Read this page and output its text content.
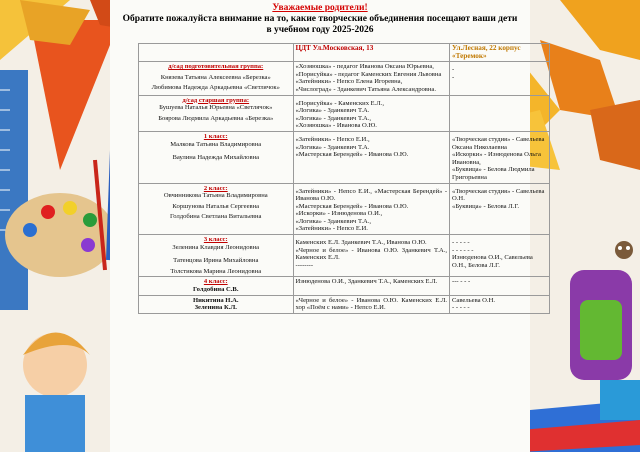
Уважаемые родители!
Обратите пожалуйста внимание на то, какие творческие объединения посещают ваши дети
в учебном году 2025-2026
	ЦДТ Ул.Московская, 13	Ул.Лесная, 22 корпус «Теремок»

д/сад подготовительная группа:
Князева Татьяна Алексеевна «Березка»
Любимова Надежда Аркадьевна «Светлячок»	«Хозяюшка» - педагог Иванова Оксана Юрьевна,
«Порисуйка» - педагог Каменских Евгения Львовна
«Затейники» - Непсо Елена Игоревна,
«Числоград» - Зданкевич Татьяна Александровна.	-
-

д/сад старшая группа:
Бушуева Наталья Юрьевна «Светлячок»
Боярова Людмила Аркадьевна «Березка»	«Порисуйка» - Каменских Е.Л.,
«Логика» - Зданкевич Т.А.
«Логика» - Зданкевич Т.А.,
«Хозяюшка» - Иванова О.Ю.	

1 класс:
Малкова Татьяна Владимировна
Ваулина Надежда Михайловна	«Затейники» - Непсо Е.И.,
«Логика» - Зданкевич Т.А.
«Мастерская Берендей» - Иванова О.Ю.	«Творческая студия» - Савельева Оксана Николаевна
«Искорки» - Изнюденова Ольга Ивановна,
«Буквица» - Белова Людмила Григорьевна

2 класс:
Овчинникова Татьяна Владимировна
Коршунова Наталья Сергеевна
Голдобина Светлана Витальевна	«Затейники» - Непсо Е.И., «Мастерская Берендей» - Иванова О.Ю.
«Мастерская Берендей» - Иванова О.Ю.
«Искорки» - Изнюденова О.И.,
«Логика» - Зданкевич Т.А.,
«Затейники» - Непсо Е.И.	«Творческая студия» - Савельева О.Н.
«Буквица» - Белова Л.Г.

3 класс:
Зеленина Клавдия Леонидовна
Татенцова Ирина Михайловна
Толстикова Марина Леонидовна	Каменских Е.Л. Зданкевич Т.А., Иванова О.Ю.
«Черное и белое» - Иванова О.Ю. Зданкевич Т.А., Каменских Е.Л.
--------	- - - - -
- - - - - -
Изнюденова О.И., Савельева О.Н., Белова Л.Г.

4 класс:
Голдобина С.В.	Изнюденова О.И., Зданкевич Т.А., Каменских Е.Л.	--- - - -

Никитина Н.А.
Зеленина К.Л.	«Черное и белое» - Иванова О.Ю. Каменских Е.Л. хор «Поём с нами» - Непсо Е.И.	Савельева О.Н.
- - - - -
